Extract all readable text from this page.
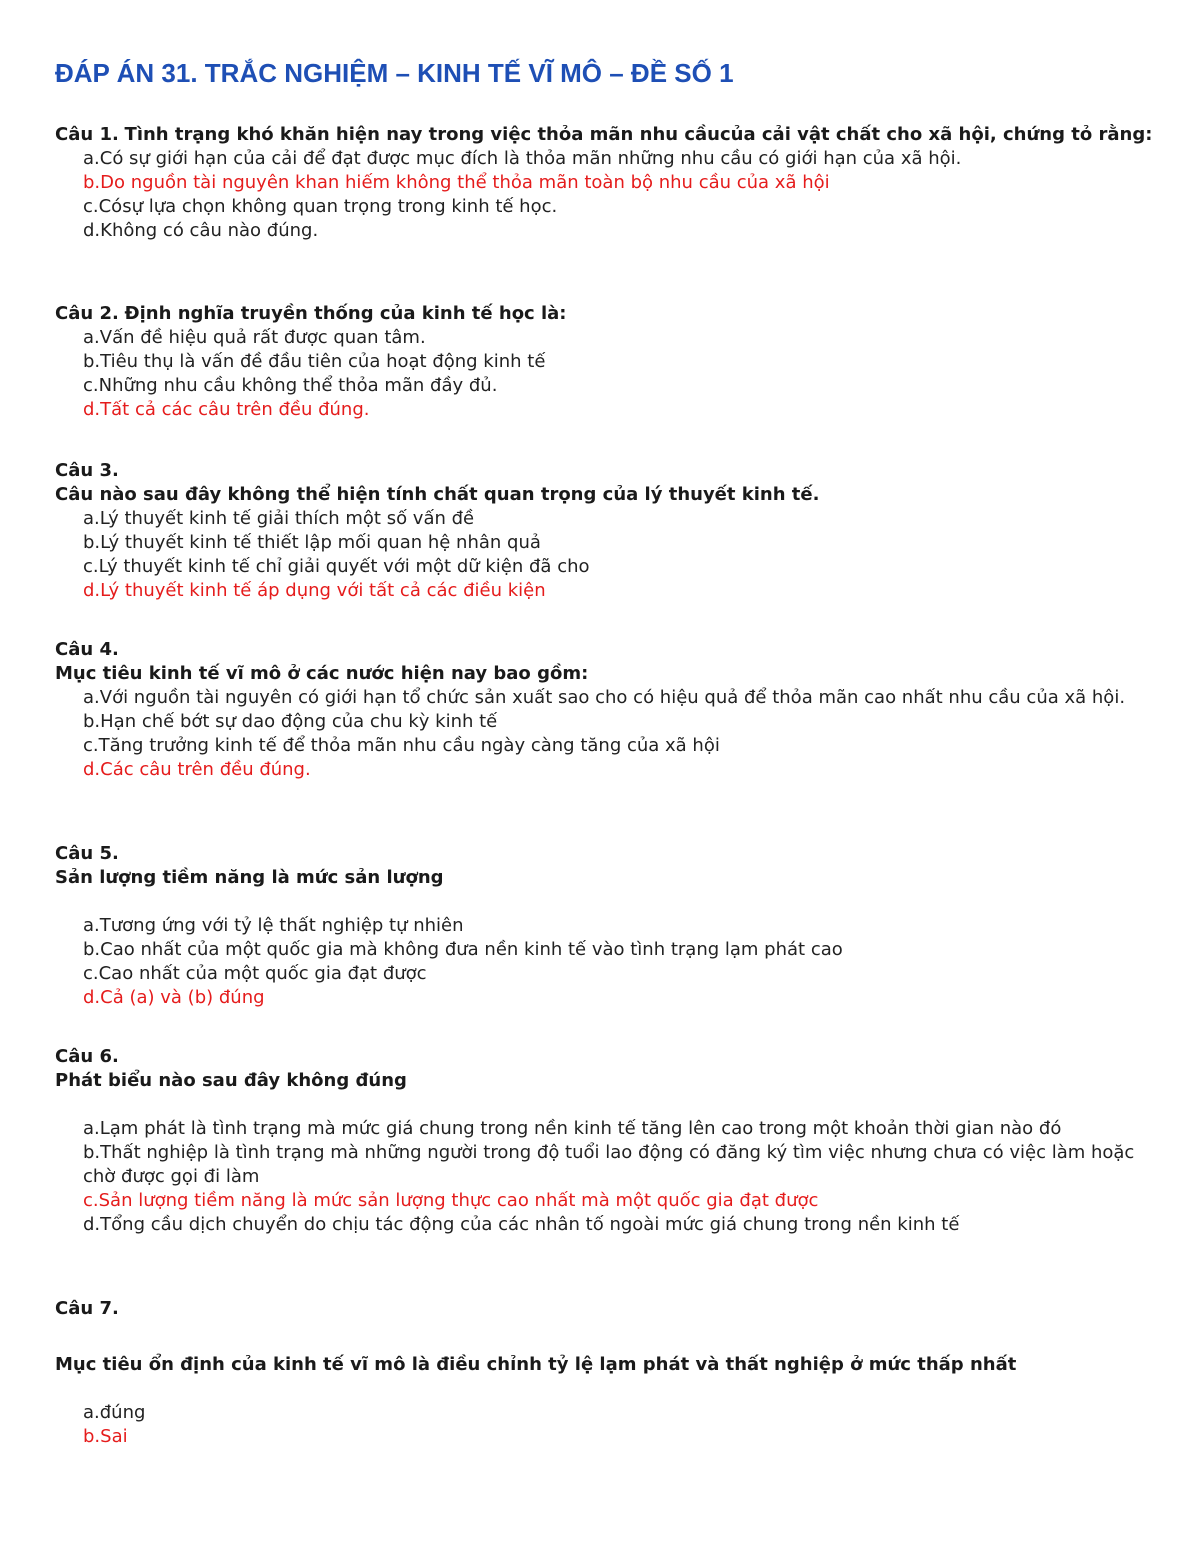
ĐÁP ÁN 31. TRẮC NGHIỆM – KINH TẾ VĨ MÔ – ĐỀ SỐ 1
Câu 1. Tình trạng khó khăn hiện nay trong việc thỏa mãn nhu cầucủa cải vật chất cho xã hội, chứng tỏ rằng:
a.Có sự giới hạn của cải để đạt được mục đích là thỏa mãn những nhu cầu có giới hạn của xã hội.
b.Do nguồn tài nguyên khan hiếm không thể thỏa mãn toàn bộ nhu cầu của xã hội
c.Cósự lựa chọn không quan trọng trong kinh tế học.
d.Không có câu nào đúng.
Câu 2. Định nghĩa truyền thống của kinh tế học là:
a.Vấn đề hiệu quả rất được quan tâm.
b.Tiêu thụ là vấn đề đầu tiên của hoạt động kinh tế
c.Những nhu cầu không thể thỏa mãn đầy đủ.
d.Tất cả các câu trên đều đúng.
Câu 3.
Câu nào sau đây không thể hiện tính chất quan trọng của lý thuyết kinh tế.
a.Lý thuyết kinh tế giải thích một số vấn đề
b.Lý thuyết kinh tế thiết lập mối quan hệ nhân quả
c.Lý thuyết kinh tế chỉ giải quyết với một dữ kiện đã cho
d.Lý thuyết kinh tế áp dụng với tất cả các điều kiện
Câu 4.
Mục tiêu kinh tế vĩ mô ở các nước hiện nay bao gồm:
a.Với nguồn tài nguyên có giới hạn tổ chức sản xuất sao cho có hiệu quả để thỏa mãn cao nhất nhu cầu của xã hội.
b.Hạn chế bớt sự dao động của chu kỳ kinh tế
c.Tăng trưởng kinh tế để thỏa mãn nhu cầu ngày càng tăng của xã hội
d.Các câu trên đều đúng.
Câu 5.
Sản lượng tiềm năng là mức sản lượng
a.Tương ứng với tỷ lệ thất nghiệp tự nhiên
b.Cao nhất của một quốc gia mà không đưa nền kinh tế vào tình trạng lạm phát cao
c.Cao nhất của một quốc gia đạt được
d.Cả (a) và (b) đúng
Câu 6.
Phát biểu nào sau đây không đúng
a.Lạm phát là tình trạng mà mức giá chung trong nền kinh tế tăng lên cao trong một khoản thời gian nào đó
b.Thất nghiệp là tình trạng mà những người trong độ tuổi lao động có đăng ký tìm việc nhưng chưa có việc làm hoặc chờ được gọi đi làm
c.Sản lượng tiềm năng là mức sản lượng thực cao nhất mà một quốc gia đạt được
d.Tổng cầu dịch chuyển do chịu tác động của các nhân tố ngoài mức giá chung trong nền kinh tế
Câu 7.
Mục tiêu ổn định của kinh tế vĩ mô là điều chỉnh tỷ lệ lạm phát và thất nghiệp ở mức thấp nhất
a.đúng
b.Sai
